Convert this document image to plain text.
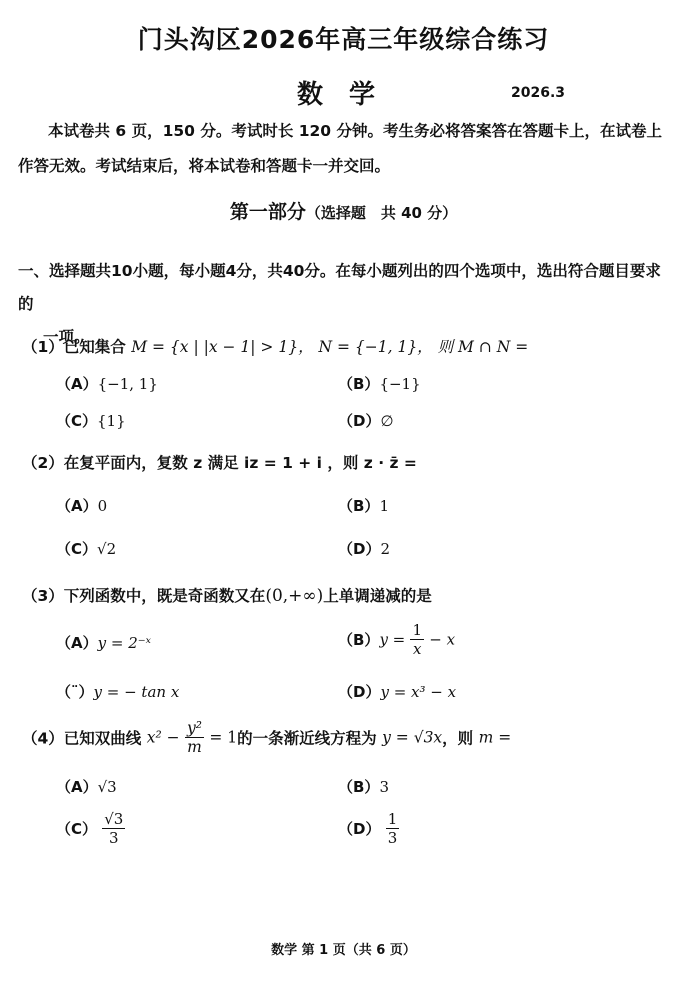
门头沟区2026年高三年级综合练习
数学	2026.3
本试卷共 6 页，150 分。考试时长 120 分钟。考生务必将答案答在答题卡上，在试卷上作答无效。考试结束后，将本试卷和答题卡一并交回。
第一部分（选择题　共 40 分）
一、选择题共10小题，每小题4分，共40分。在每小题列出的四个选项中，选出符合题目要求的
一项。
（1）已知集合 M = {x | |x − 1| > 1}， N = {−1, 1}， 则 M ∩ N =
（A）{−1, 1}	（B）{−1}
（C）{1}	（D）∅
（2）在复平面内，复数 z 满足 iz = 1 + i ，则 z · z̄ =
（A）0	（B）1
（C）√2	（D）2
（3）下列函数中，既是奇函数又在(0,+∞)上单调递减的是
（A）y = 2⁻ˣ	$(B)y = \frac{1}{x} - x$
（¨）y = − tan x	（D）y = x³ − x
（4）已知双曲线 $x^2 - \frac{\text{y²}}{m} = 1$的一条渐近线方程为 y = √3x，则 m =
（A）√3	（B）3
$(C) \frac{√3}{3}$	$(D) \frac{1}{3}$
数学 第 1 页（共 6 页）
